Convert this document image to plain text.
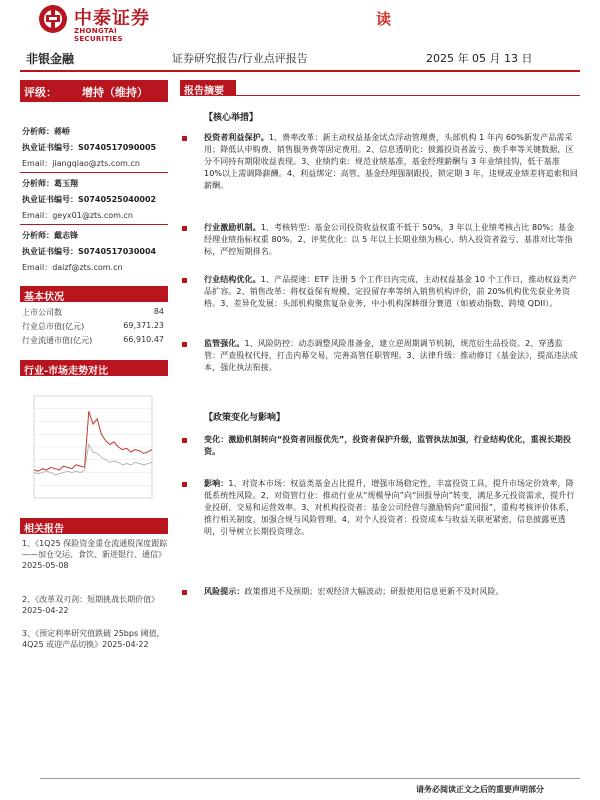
中泰证券
ZHONGTAI SECURITIES
读
非银金融	证券研究报告/行业点评报告	2025 年 05 月 13 日
评级： 增持（维持）
分析师：蒋峤
执业证书编号：S0740517090005
Email：jiangqiao@zts.com.cn
分析师：葛玉翔
执业证书编号：S0740525040002
Email：geyx01@zts.com.cn
分析师：戴志锋
执业证书编号：S0740517030004
Email：daizf@zts.com.cn
基本状况
上市公司数	84
行业总市值(亿元)	69,371.23
行业流通市值(亿元)	66,910.47
行业-市场走势对比
相关报告
1、《1Q25 保险资金重仓流通股深度跟踪——加仓交运、食饮、新进银行、通信》2025-05-08
2、《改革双刃剑：短期挑战长期价值》2025-04-22
3、《预定利率研究值跌破 25bps 阈值，4Q25 或迎产品切换》2025-04-22
报告摘要
【核心举措】
投资者利益保护。1、费率改革：新主动权益基金试点浮动管理费，头部机构 1 年内 60%新发产品需采用；降低认申购费、销售服务费等固定费用。2、信息透明化：披露投资者盈亏、换手率等关键数据，区分不同持有期限收益表现。3、业绩约束：规范业绩基准，基金经理薪酬与 3 年业绩挂钩，低于基准 10%以上需调降薪酬。4、利益绑定：高管、基金经理强制跟投，锁定期 3 年，违规或业绩差将追索和回薪酬。
行业激励机制。1、考核转型：基金公司投资收益权重不低于 50%，3 年以上业绩考核占比 80%；基金经理业绩指标权重 80%。2、评奖优化：以 5 年以上长期业绩为核心，纳入投资者盈亏、基准对比等指标，严控短期排名。
行业结构优化。1、产品提速：ETF 注册 5 个工作日内完成，主动权益基金 10 个工作日，推动权益类产品扩容。2、销售改革：将权益保有规模、定投留存率等纳入销售机构评价，前 20%机构优先获业务资格。3、差异化发展：头部机构聚焦复杂业务，中小机构深耕细分赛道（如被动指数、跨境 QDII）。
监管强化。1、风险防控：动态调整风险准备金，建立逆周期调节机制，规范衍生品投资。2、穿透监管：严查股权代持，打击内幕交易，完善高管任职管理。3、法律升级：推动修订《基金法》，提高违法成本，强化执法衔接。
【政策变化与影响】
变化：激励机制转向“投资者回报优先”，投资者保护升级，监管执法加强，行业结构优化，重视长期投资。
影响：1、对资本市场：权益类基金占比提升，增强市场稳定性，丰富投资工具，提升市场定价效率，降低系统性风险。2、对资管行业：推动行业从“规模导向”向“回报导向”转变，满足多元投资需求，提升行业投研、交易和运营效率。3、对机构投资者：基金公司经营与激励转向“重回报”，重构考核评价体系，推行相关制度，加强合规与风险管理。4、对个人投资者：投资成本与收益关联更紧密，信息披露更透明，引导树立长期投资理念。
风险提示：政策推进不及预期；宏观经济大幅波动；研报使用信息更新不及时风险。
请务必阅读正文之后的重要声明部分
